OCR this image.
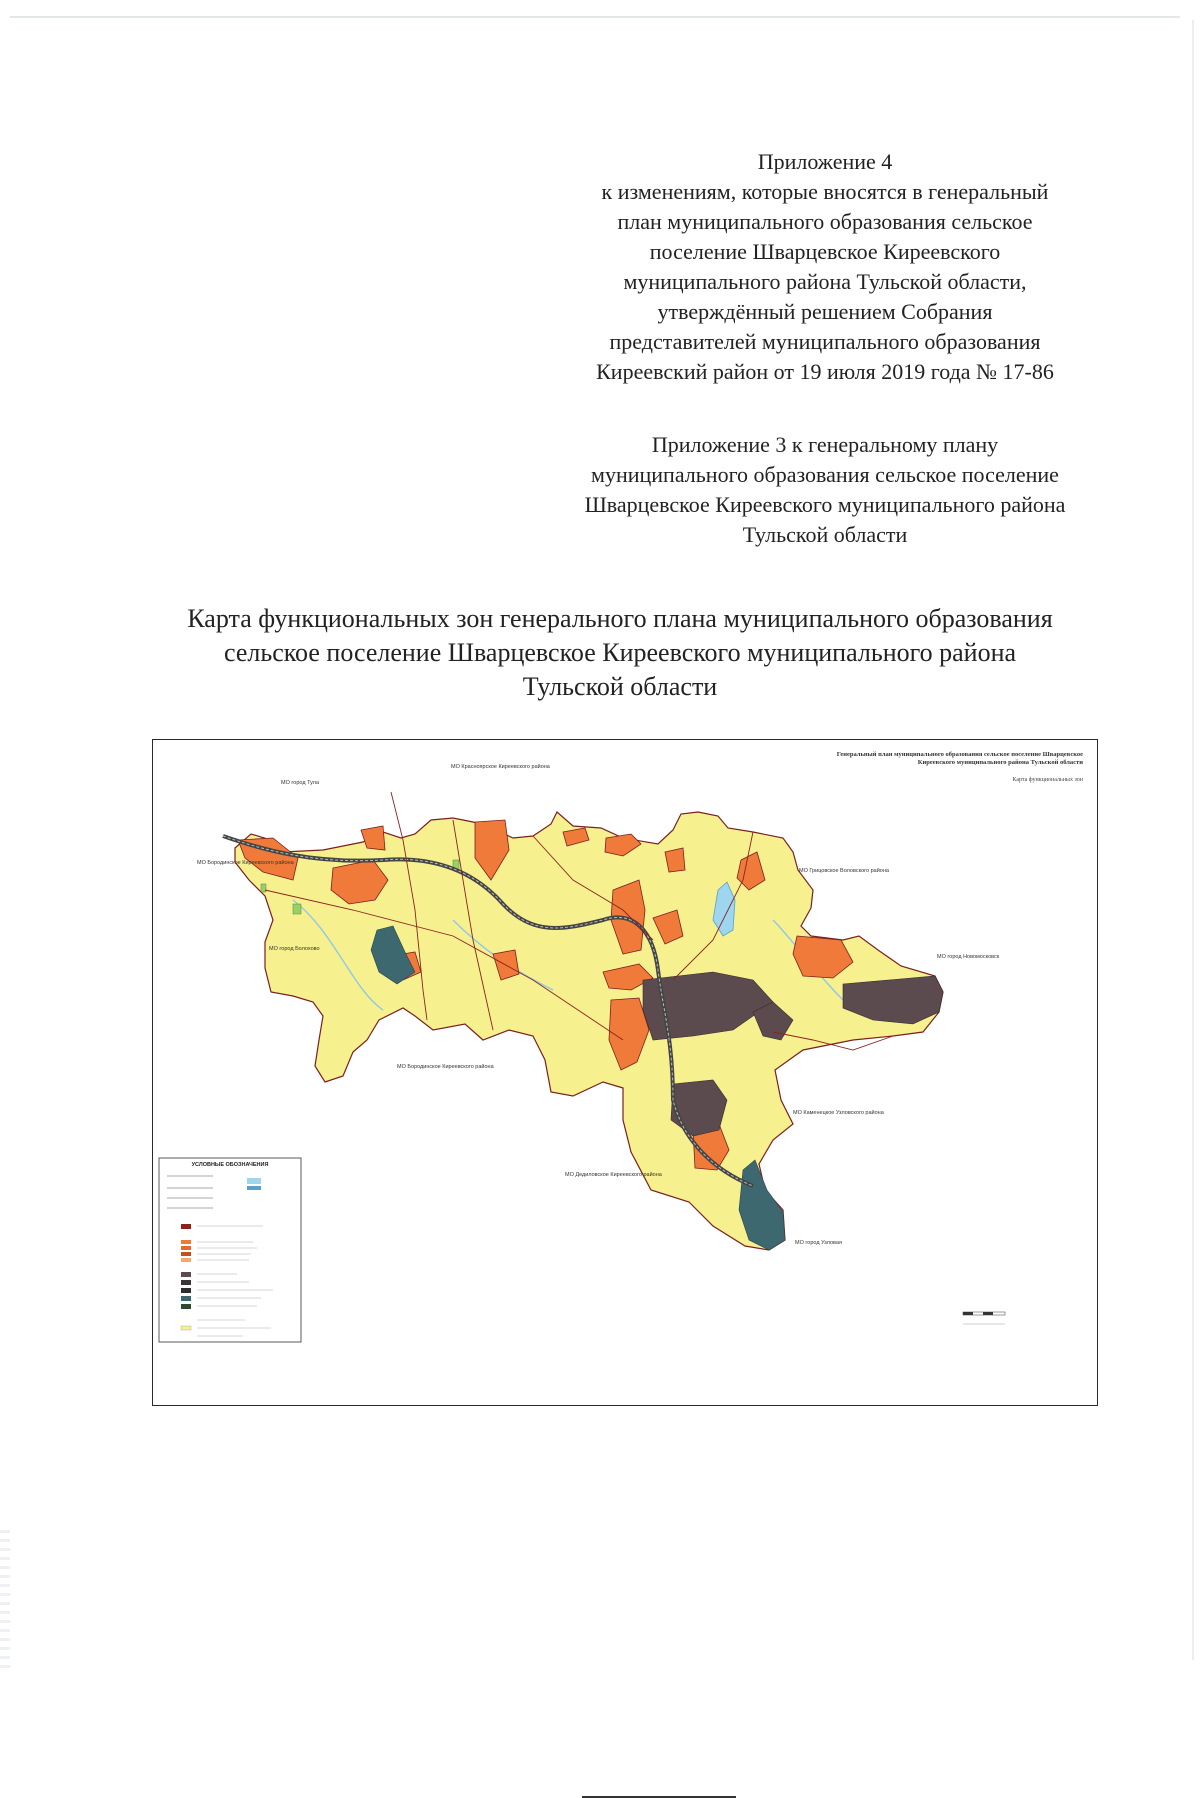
Приложение 4
к изменениям, которые вносятся в генеральный
план муниципального образования сельское
поселение Шварцевское Киреевского
муниципального района Тульской области,
утверждённый решением Собрания
представителей муниципального образования
Киреевский район от 19 июля 2019 года № 17-86
Приложение 3 к генеральному плану
муниципального образования сельское поселение
Шварцевское Киреевского муниципального района
Тульской области
Карта функциональных зон генерального плана муниципального образования
сельское поселение Шварцевское Киреевского муниципального района
Тульской области
Генеральный план муниципального образования сельское поселение Шварцевское
Киреевского муниципального района Тульской области
Карта функциональных зон
МО город Тула
МО Красноярское Киреевского района
МО Бородинское Киреевского района
МО Грицовское Воловского района
МО город Болохово
МО город Новомосковск
МО Бородинское Киреевского района
МО Каменецкое Узловского района
МО Дедиловское Киреевского района
МО город Узловая
УСЛОВНЫЕ ОБОЗНАЧЕНИЯ
